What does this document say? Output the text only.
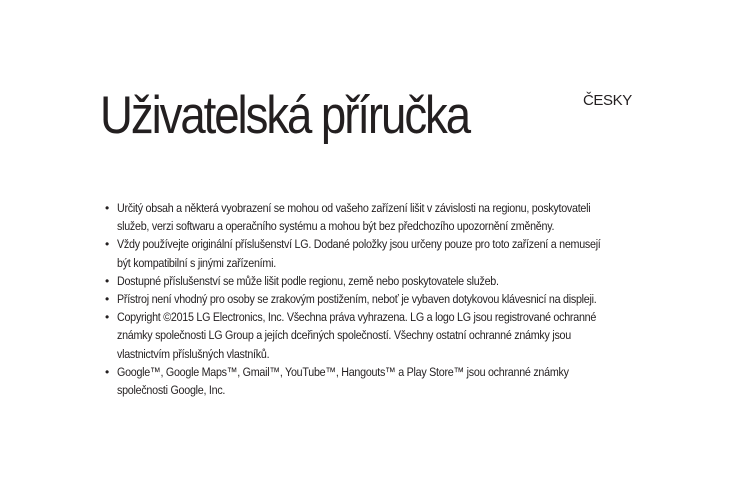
Uživatelská příručka	ČESKY
• Určitý obsah a některá vyobrazení se mohou od vašeho zařízení lišit v závislosti na regionu, poskytovateli
služeb, verzi softwaru a operačního systému a mohou být bez předchozího upozornění změněny.
• Vždy používejte originální příslušenství LG. Dodané položky jsou určeny pouze pro toto zařízení a nemusejí
být kompatibilní s jinými zařízeními.
• Dostupné příslušenství se může lišit podle regionu, země nebo poskytovatele služeb.
• Přístroj není vhodný pro osoby se zrakovým postižením, neboť je vybaven dotykovou klávesnicí na displeji.
• Copyright ©2015 LG Electronics, Inc. Všechna práva vyhrazena. LG a logo LG jsou registrované ochranné
známky společnosti LG Group a jejích dceřiných společností. Všechny ostatní ochranné známky jsou
vlastnictvím příslušných vlastníků.
• Google™, Google Maps™, Gmail™, YouTube™, Hangouts™ a Play Store™ jsou ochranné známky
společnosti Google, Inc.
